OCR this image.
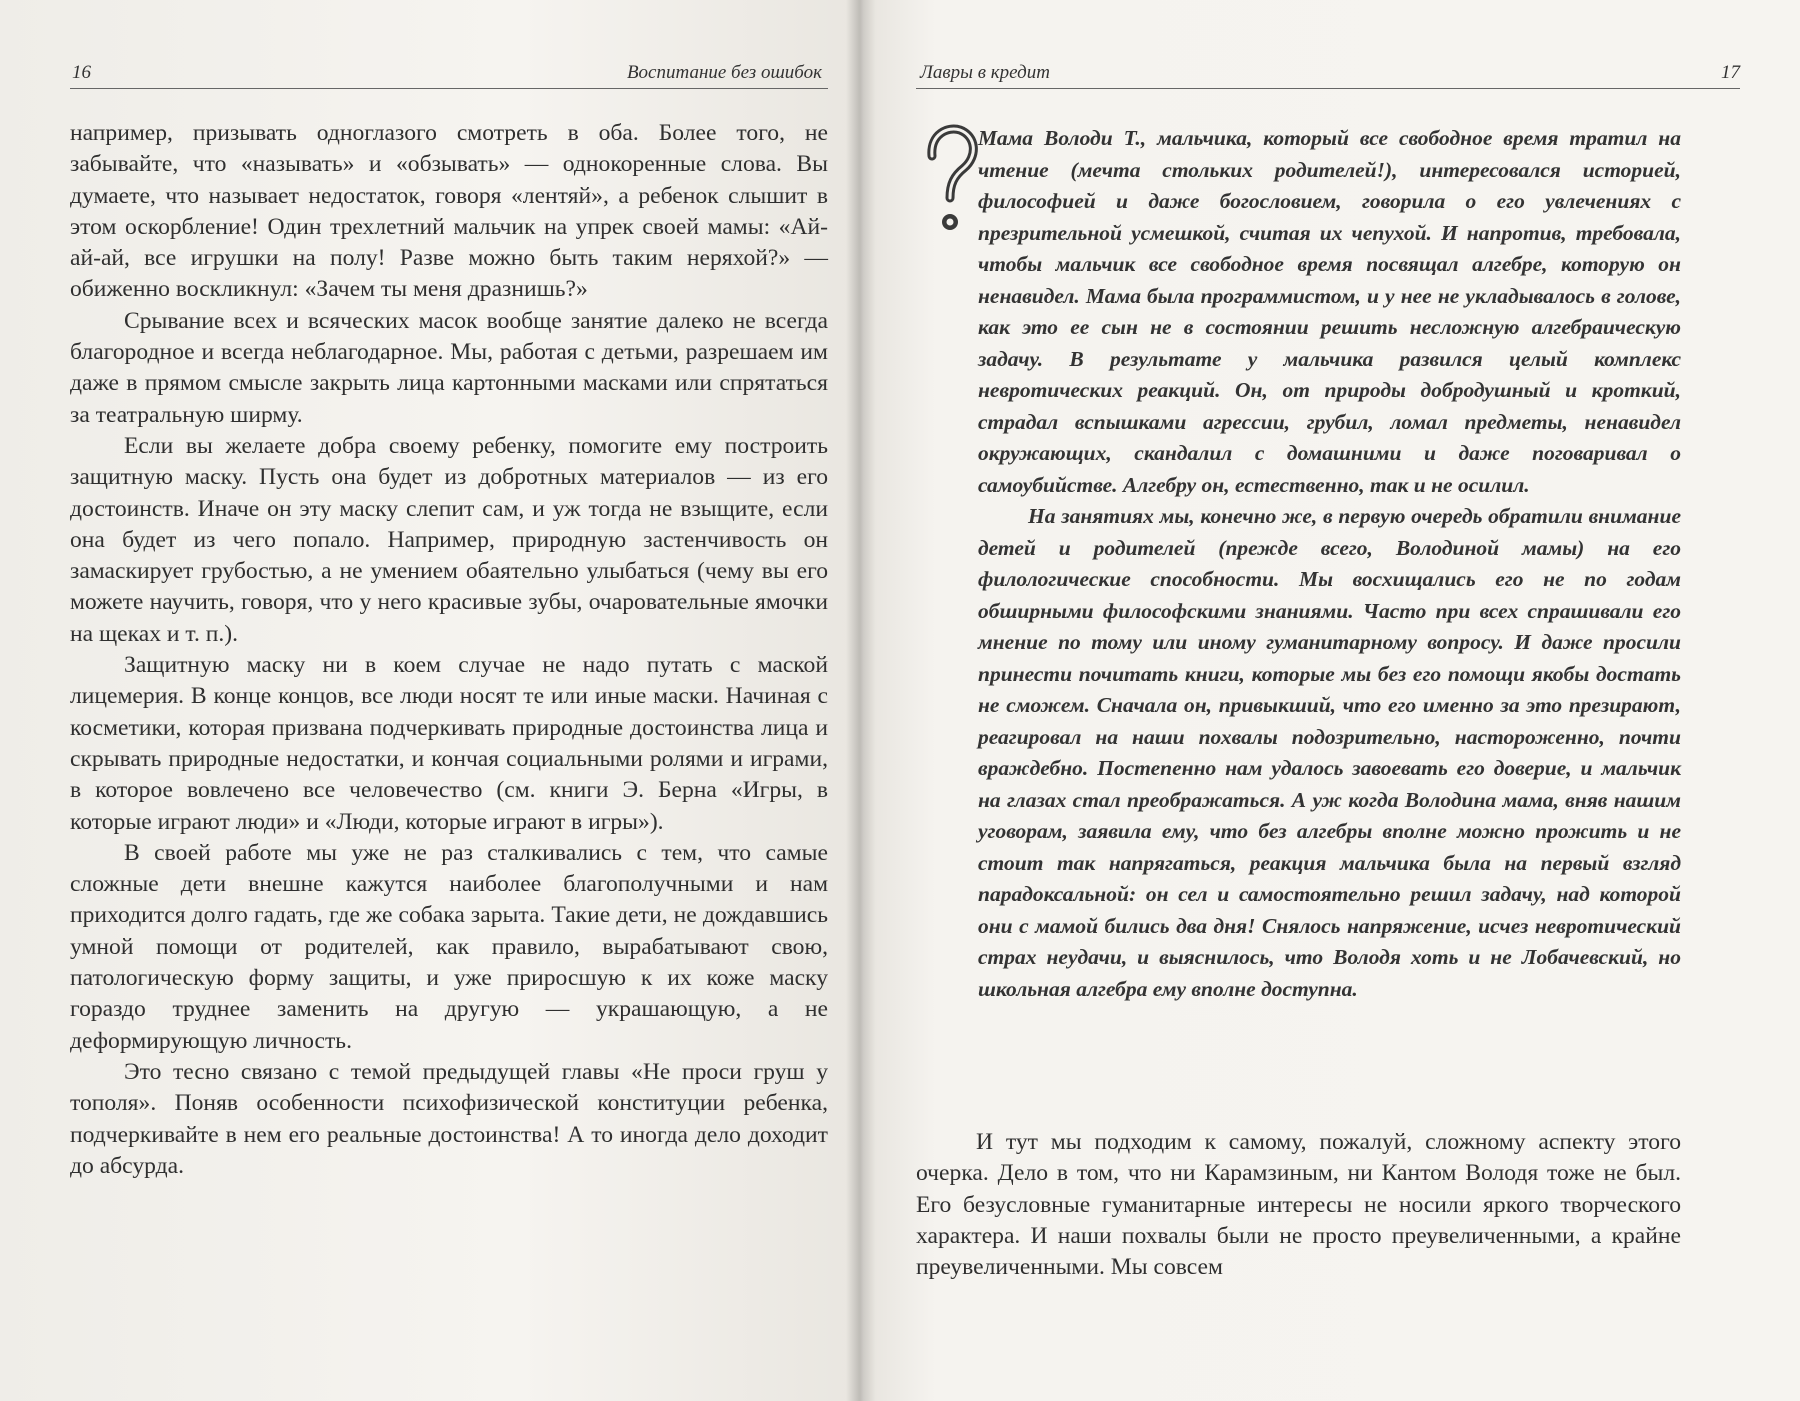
16	Воспитание без ошибок

например, призывать одноглазого смотреть в оба. Более того, не забывайте, что «называть» и «обзывать» — однокоренные слова. Вы думаете, что называет недостаток, говоря «лентяй», а ребенок слышит в этом оскорбление! Один трехлетний мальчик на упрек своей мамы: «Ай-ай-ай, все игрушки на полу! Разве можно быть таким неряхой?» — обиженно воскликнул: «Зачем ты меня дразнишь?»

Срывание всех и всяческих масок вообще занятие далеко не всегда благородное и всегда неблагодарное. Мы, работая с детьми, разрешаем им даже в прямом смысле закрыть лица картонными масками или спрятаться за театральную ширму.

Если вы желаете добра своему ребенку, помогите ему построить защитную маску. Пусть она будет из добротных материалов — из его достоинств. Иначе он эту маску слепит сам, и уж тогда не взыщите, если она будет из чего попало. Например, природную застенчивость он замаскирует грубостью, а не умением обаятельно улыбаться (чему вы его можете научить, говоря, что у него красивые зубы, очаровательные ямочки на щеках и т. п.).

Защитную маску ни в коем случае не надо путать с маской лицемерия. В конце концов, все люди носят те или иные маски. Начиная с косметики, которая призвана подчеркивать природные достоинства лица и скрывать природные недостатки, и кончая социальными ролями и играми, в которое вовлечено все человечество (см. книги Э. Берна «Игры, в которые играют люди» и «Люди, которые играют в игры»).

В своей работе мы уже не раз сталкивались с тем, что самые сложные дети внешне кажутся наиболее благополучными и нам приходится долго гадать, где же собака зарыта. Такие дети, не дождавшись умной помощи от родителей, как правило, вырабатывают свою, патологическую форму защиты, и уже приросшую к их коже маску гораздо труднее заменить на другую — украшающую, а не деформирующую личность.

Это тесно связано с темой предыдущей главы «Не проси груш у тополя». Поняв особенности психофизической конституции ребенка, подчеркивайте в нем его реальные достоинства! А то иногда дело доходит до абсурда.

Лавры в кредит	17

Мама Володи Т., мальчика, который все свободное время тратил на чтение (мечта стольких родителей!), интересовался историей, философией и даже богословием, говорила о его увлечениях с презрительной усмешкой, считая их чепухой. И напротив, требовала, чтобы мальчик все свободное время посвящал алгебре, которую он ненавидел. Мама была программистом, и у нее не укладывалось в голове, как это ее сын не в состоянии решить несложную алгебраическую задачу. В результате у мальчика развился целый комплекс невротических реакций. Он, от природы добродушный и кроткий, страдал вспышками агрессии, грубил, ломал предметы, ненавидел окружающих, скандалил с домашними и даже поговаривал о самоубийстве. Алгебру он, естественно, так и не осилил.

На занятиях мы, конечно же, в первую очередь обратили внимание детей и родителей (прежде всего, Володиной мамы) на его филологические способности. Мы восхищались его не по годам обширными философскими знаниями. Часто при всех спрашивали его мнение по тому или иному гуманитарному вопросу. И даже просили принести почитать книги, которые мы без его помощи якобы достать не сможем. Сначала он, привыкший, что его именно за это презирают, реагировал на наши похвалы подозрительно, настороженно, почти враждебно. Постепенно нам удалось завоевать его доверие, и мальчик на глазах стал преображаться. А уж когда Володина мама, вняв нашим уговорам, заявила ему, что без алгебры вполне можно прожить и не стоит так напрягаться, реакция мальчика была на первый взгляд парадоксальной: он сел и самостоятельно решил задачу, над которой они с мамой бились два дня! Снялось напряжение, исчез невротический страх неудачи, и выяснилось, что Володя хоть и не Лобачевский, но школьная алгебра ему вполне доступна.

И тут мы подходим к самому, пожалуй, сложному аспекту этого очерка. Дело в том, что ни Карамзиным, ни Кантом Володя тоже не был. Его безусловные гуманитарные интересы не носили яркого творческого характера. И наши похвалы были не просто преувеличенными, а крайне преувеличенными. Мы совсем
